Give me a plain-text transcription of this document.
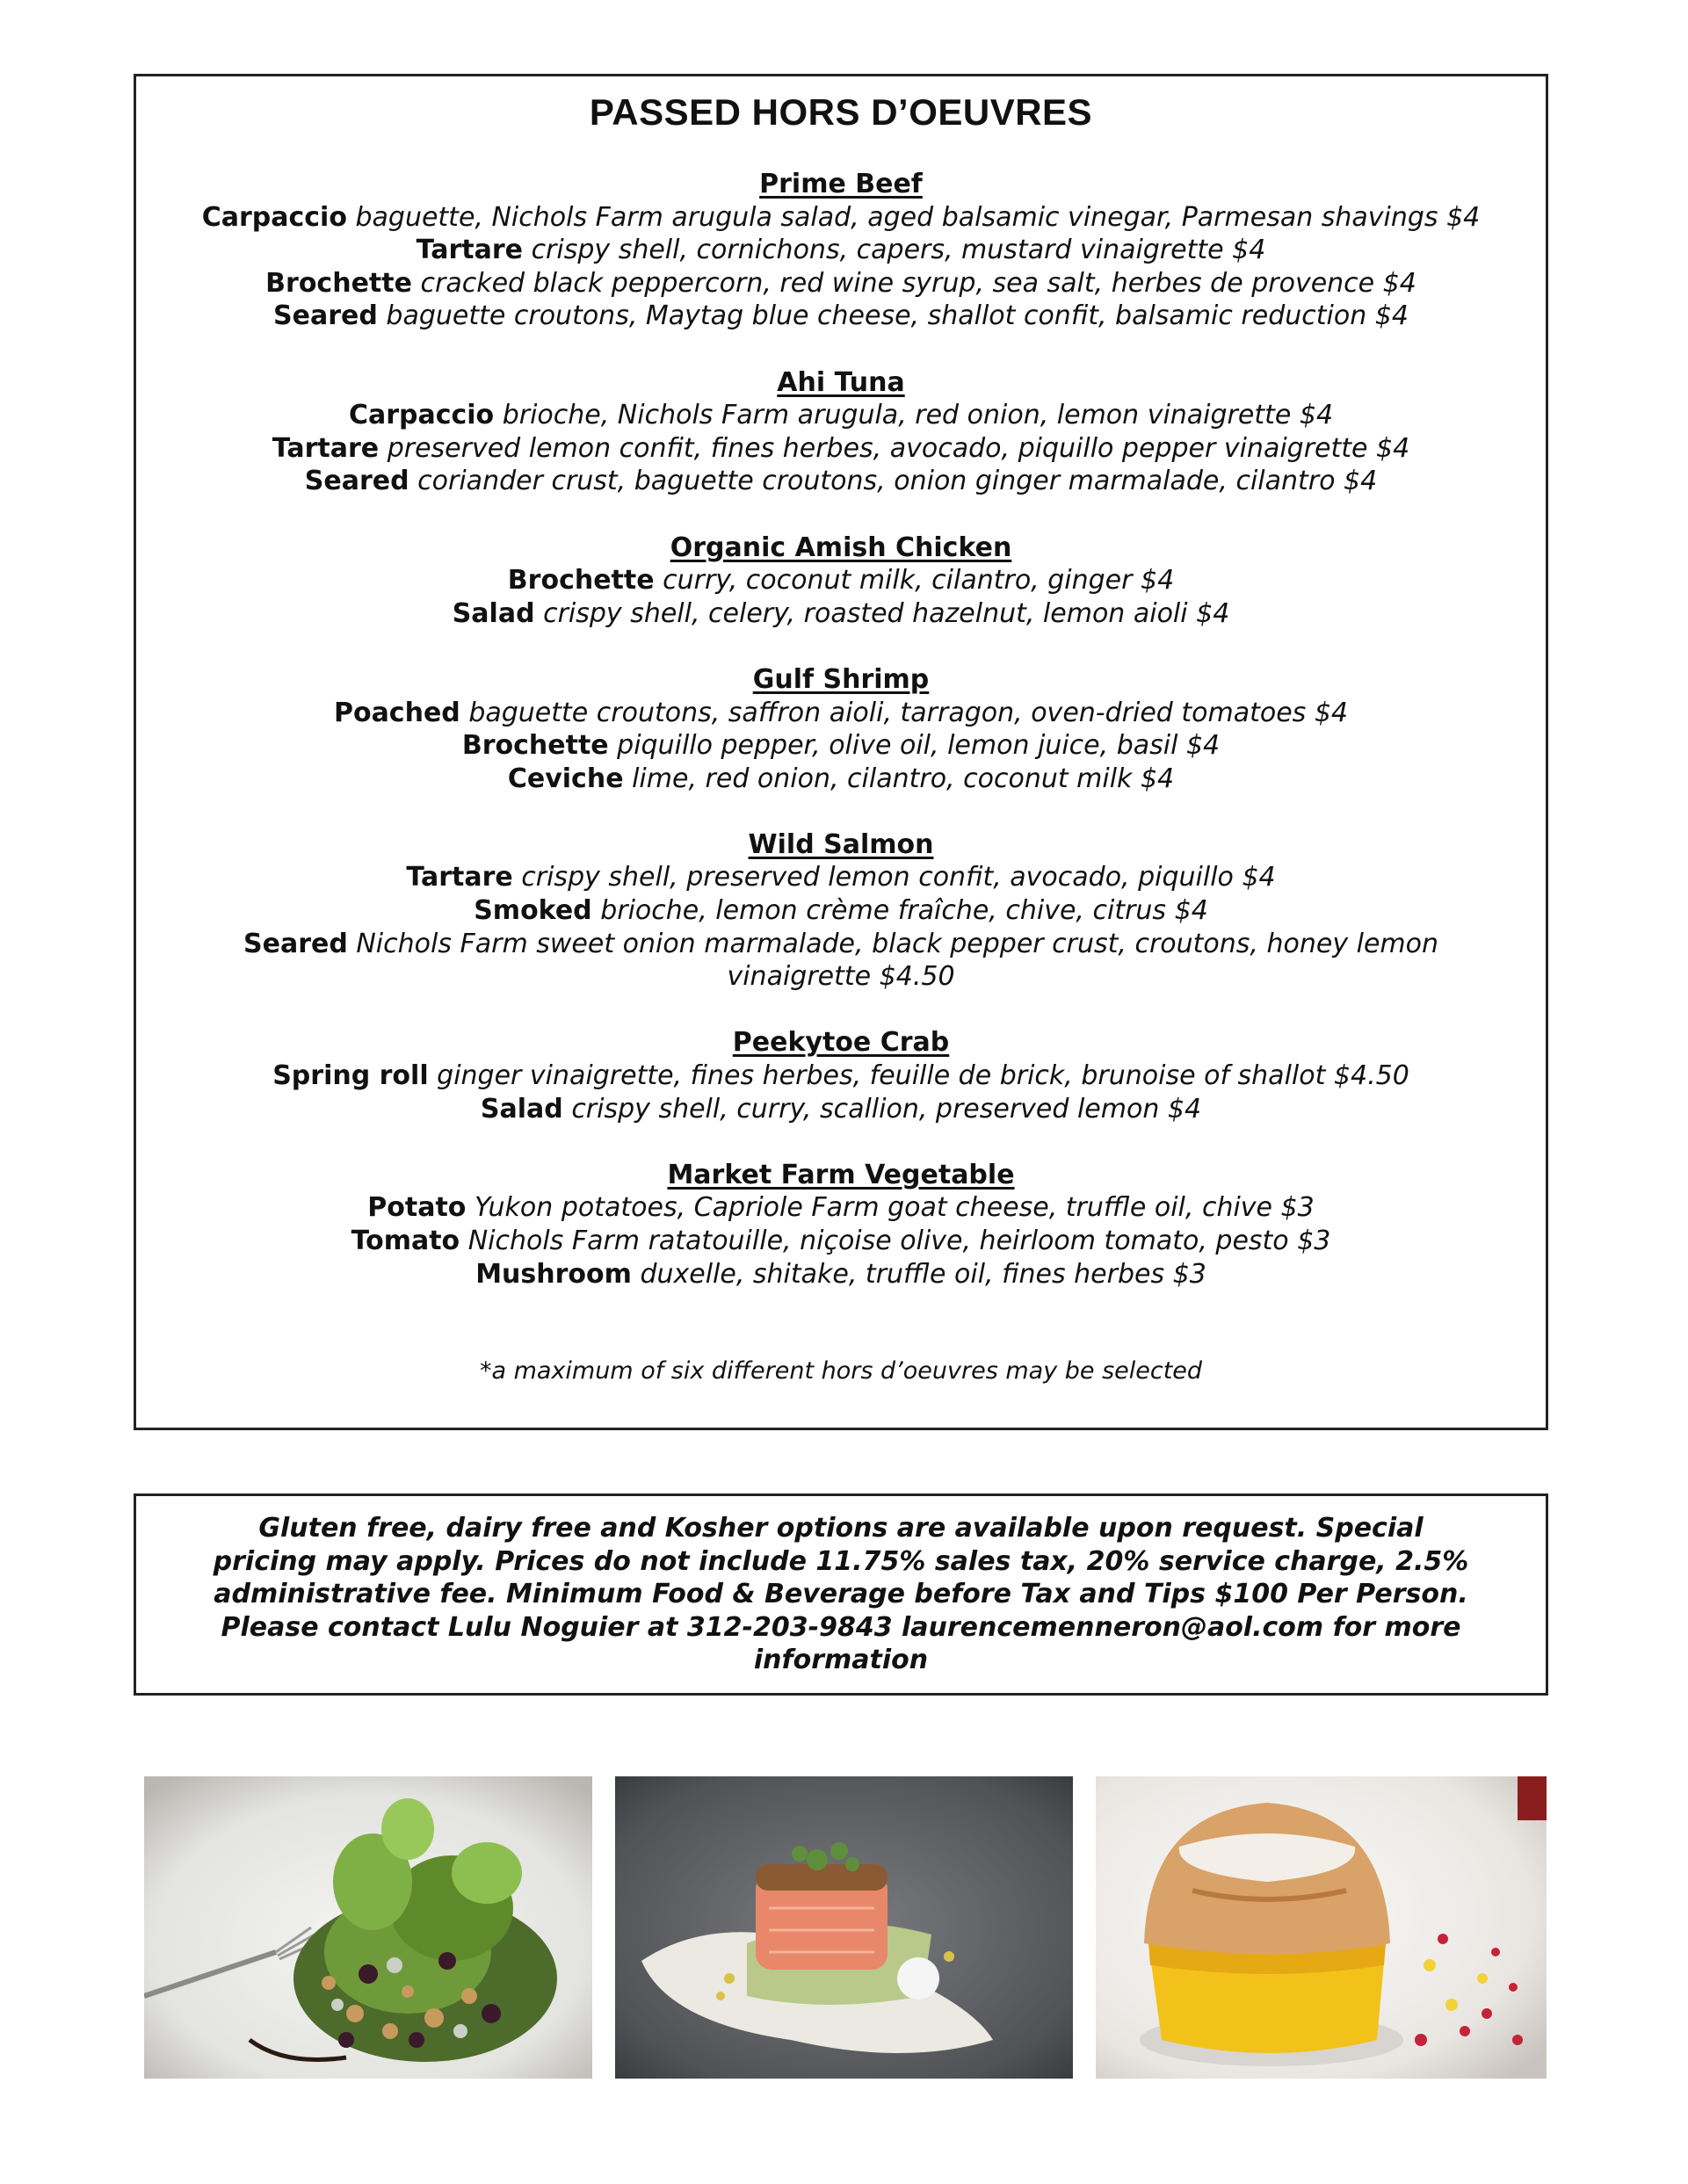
PASSED HORS D’OEUVRES
Prime Beef
Carpaccio baguette, Nichols Farm arugula salad, aged balsamic vinegar, Parmesan shavings $4
Tartare crispy shell, cornichons, capers, mustard vinaigrette $4
Brochette cracked black peppercorn, red wine syrup, sea salt, herbes de provence $4
Seared baguette croutons, Maytag blue cheese, shallot confit, balsamic reduction $4
Ahi Tuna
Carpaccio brioche, Nichols Farm arugula, red onion, lemon vinaigrette $4
Tartare preserved lemon confit, fines herbes, avocado, piquillo pepper vinaigrette $4
Seared coriander crust, baguette croutons, onion ginger marmalade, cilantro $4
Organic Amish Chicken
Brochette curry, coconut milk, cilantro, ginger $4
Salad crispy shell, celery, roasted hazelnut, lemon aioli $4
Gulf Shrimp
Poached baguette croutons, saffron aioli, tarragon, oven-dried tomatoes $4
Brochette piquillo pepper, olive oil, lemon juice, basil $4
Ceviche lime, red onion, cilantro, coconut milk $4
Wild Salmon
Tartare crispy shell, preserved lemon confit, avocado, piquillo $4
Smoked brioche, lemon crème fraîche, chive, citrus $4
Seared Nichols Farm sweet onion marmalade, black pepper crust, croutons, honey lemon vinaigrette $4.50
Peekytoe Crab
Spring roll ginger vinaigrette, fines herbes, feuille de brick, brunoise of shallot $4.50
Salad crispy shell, curry, scallion, preserved lemon $4
Market Farm Vegetable
Potato Yukon potatoes, Capriole Farm goat cheese, truffle oil, chive $3
Tomato Nichols Farm ratatouille, niçoise olive, heirloom tomato, pesto $3
Mushroom duxelle, shitake, truffle oil, fines herbes $3
*a maximum of six different hors d’oeuvres may be selected

Gluten free, dairy free and Kosher options are available upon request. Special pricing may apply. Prices do not include 11.75% sales tax, 20% service charge, 2.5% administrative fee. Minimum Food & Beverage before Tax and Tips $100 Per Person. Please contact Lulu Noguier at 312-203-9843 laurencemenneron@aol.com for more information
